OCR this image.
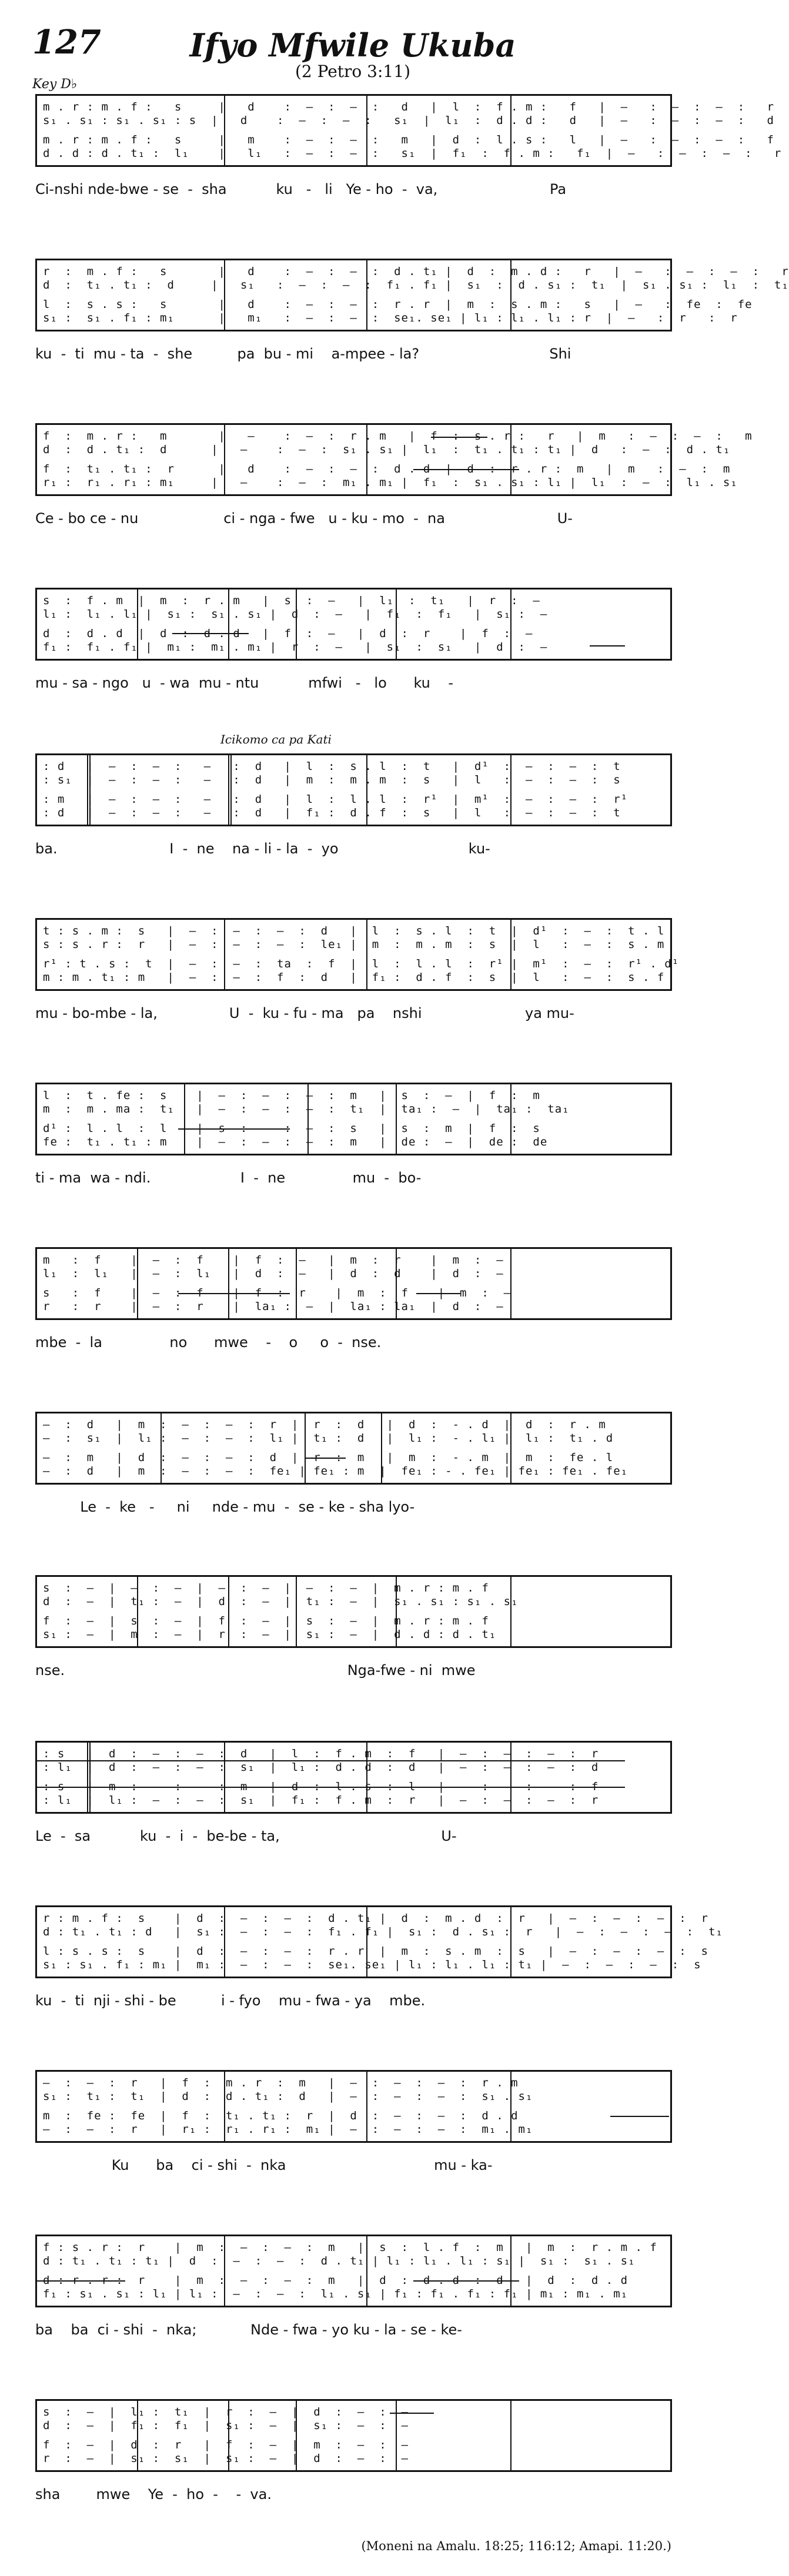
127	Ifyo Mfwile Ukuba
(2 Petro 3:11)
Key D♭
m . r : m . f :   s     |   d    :  —  :  —  :   d   |  l  :  f . m :   f   |  —   :  —  :  —  :   r
s₁ . s₁ : s₁ . s₁ : s  |   d    :  —  :  —  :   s₁  |  l₁  :  d . d :   d   |  —   :  —  :  —  :   d
m . r : m . f :   s     |   m    :  —  :  —  :   m   |  d  :  l . s :   l   |  —   :  —  :  —  :   f
d . d : d . t₁ :  l₁    |   l₁   :  —  :  —  :   s₁  |  f₁  :  f . m :   f₁  |  —   :  —  :  —  :   r
Ci-nshi nde-bwe - se  -  sha           ku   -   li   Ye - ho  -  va,                         Pa
r  :  m . f :   s       |   d    :  —  :  —  :  d . t₁ |  d  :  m . d :   r   |  —   :  —  :  —  :   r
d  :  t₁ . t₁ :  d     |   s₁   :  —  :  —  :  f₁ . f₁ |  s₁  :  d . s₁ :  t₁  |  s₁ . s₁ :  l₁  :  t₁
l  :  s . s :   s       |   d    :  —  :  —  :  r . r  |  m  :  s . m :   s   |  —   :  fe  :  fe
s₁ :  s₁ . f₁ : m₁      |   m₁   :  —  :  —  :  se₁. se₁ | l₁ : l₁ . l₁ : r  |  —   :  r   :  r
ku  -  ti  mu - ta  -  she          pa  bu - mi    a-mpee - la?                             Shi
f  :  m . r :   m       |   —    :  —  :  r . m   |  f  :  s . r :   r   |  m   :  —  :  —  :   m
d  :  d . t₁ :  d      |   —    :  —  :  s₁ . s₁ |  l₁  :  t₁ . t₁ : t₁ |  d   :  —  :  d . t₁
f  :  t₁ . t₁ :  r      |   d    :  —  :  —  :  d . d  |  d  :  r . r :  m   |  m   :  —  :  m
r₁ :  r₁ . r₁ : m₁     |   —    :  —  :  m₁ . m₁ |  f₁  :  s₁ . s₁ : l₁ |  l₁  :  —  :  l₁ . s₁
Ce - bo ce - nu                   ci - nga - fwe   u - ku - mo  -  na                         U-
s  :  f . m  |  m  :  r . m   |  s  :  —   |  l₁  :  t₁   |  r  :  —
l₁ :  l₁ . l₁ |  s₁ :  s₁ . s₁ |  d  :  —   |  f₁  :  f₁   |  s₁ :  —
d  :  d . d  |  d  :  d . d   |  f  :  —   |  d  :  r    |  f  :  —
f₁ :  f₁ . f₁ |  m₁ :  m₁ . m₁ |  r  :  —   |  s₁  :  s₁   |  d  :  —
mu - sa - ngo   u  - wa  mu - ntu           mfwi   -   lo      ku    -
Icikomo ca pa Kati
: d   |  —  :  —  :   —   :  d   |  l  :  s . l  :  t   |  d¹  :  —  :  —  :  t
: s₁  |  —  :  —  :   —   :  d   |  m  :  m . m  :  s   |  l   :  —  :  —  :  s
: m   |  —  :  —  :   —   :  d   |  l  :  l . l  :  r¹  |  m¹  :  —  :  —  :  r¹
: d   |  —  :  —  :   —   :  d   |  f₁ :  d . f  :  s   |  l   :  —  :  —  :  t
ba.                         I  -  ne    na - li - la  -  yo                             ku-
t : s . m :  s   |  —  :  —  :  —  :  d   |  l  :  s . l  :  t  |  d¹  :  —  :  t . l
s : s . r :  r   |  —  :  —  :  —  :  le₁ |  m  :  m . m  :  s  |  l   :  —  :  s . m
r¹ : t . s :  t  |  —  :  —  :  ta  :  f  |  l  :  l . l  :  r¹ |  m¹  :  —  :  r¹ . d¹
m : m . t₁ : m   |  —  :  —  :  f  :  d   |  f₁ :  d . f  :  s  |  l   :  —  :  s . f
mu - bo-mbe - la,                U  -  ku - fu - ma   pa    nshi                       ya mu-
l  :  t . fe :  s    |  —  :  —  :  —  :  m   |  s  :  —  |  f  :  m
m  :  m . ma :  t₁   |  —  :  —  :  —  :  t₁  |  ta₁ :  —  |  ta₁ :  ta₁
d¹ :  l . l  :  l    |  s  :  —  :  —  :  s   |  s  :  m  |  f  :  s
fe :  t₁ . t₁ : m    |  —  :  —  :  —  :  m   |  de :  —  |  de :  de
ti - ma  wa - ndi.                    I  -  ne               mu  -  bo-
m   :  f    |  —  :  f    |  f  :  —   |  m  :  r    |  m  :  —
l₁  :  l₁   |  —  :  l₁   |  d  :  —   |  d  :  d    |  d  :  —
s   :  f    |  —  :  f    |  f  :  r    |  m  :  f    |  m  :  —
r   :  r    |  —  :  r    |  la₁ :  —  |  la₁ : la₁  |  d  :  —
mbe  -  la               no      mwe    -    o     o  -  nse.
—  :  d   |  m  :  —  :  —  :  r  |  r  :  d   |  d  :  - . d  |  d  :  r . m
—  :  s₁  |  l₁ :  —  :  —  :  l₁ |  t₁ :  d   |  l₁ :  - . l₁ |  l₁ :  t₁ . d
—  :  m   |  d  :  —  :  —  :  d  |  r  :  m   |  m  :  - . m  |  m  :  fe . l
—  :  d   |  m  :  —  :  —  :  fe₁ | fe₁ : m  |  fe₁ : - . fe₁ | fe₁ : fe₁ . fe₁
Le  -  ke   -     ni     nde - mu  -  se - ke - sha lyo-
s  :  —  |  —  :  —  |  —  :  —  |  —  :  —  |  m . r : m . f
d  :  —  |  t₁ :  —  |  d  :  —  |  t₁ :  —  |  s₁ . s₁ : s₁ . s₁
f  :  —  |  s  :  —  |  f  :  —  |  s  :  —  |  m . r : m . f
s₁ :  —  |  m  :  —  |  r  :  —  |  s₁ :  —  |  d . d : d . t₁
nse.                                                               Nga-fwe - ni  mwe
: s   |  d  :  —  :  —  :  d   |  l  :  f . m  :  f   |  —  :  —  :  —  :  r
: l₁  |  d  :  —  :  —  :  s₁  |  l₁ :  d . d  :  d   |  —  :  —  :  —  :  d
: s   |  m  :  —  :  —  :  m   |  d  :  l . s  :  l   |  —  :  —  :  —  :  f
: l₁  |  l₁ :  —  :  —  :  s₁  |  f₁ :  f . m  :  r   |  —  :  —  :  —  :  r
Le  -  sa           ku  -  i  -  be-be - ta,                                    U-
r : m . f :  s    |  d  :  —  :  —  :  d . t₁ |  d  :  m . d  :  r   |  —  :  —  :  —  :  r
d : t₁ . t₁ : d   |  s₁ :  —  :  —  :  f₁ . f₁ |  s₁ :  d . s₁ :  r   |  —  :  —  :  —  :  t₁
l : s . s :  s    |  d  :  —  :  —  :  r . r  |  m  :  s . m  :  s   |  —  :  —  :  —  :  s
s₁ : s₁ . f₁ : m₁ |  m₁ :  —  :  —  :  se₁. se₁ | l₁ : l₁ . l₁ : t₁ |  —  :  —  :  —  :  s
ku  -  ti  nji - shi - be          i - fyo    mu - fwa - ya    mbe.
—  :  —  :  r   |  f  :  m . r  :  m   |  —  :  —  :  —  :  r . m
s₁ :  t₁ :  t₁  |  d  :  d . t₁ :  d   |  —  :  —  :  —  :  s₁ . s₁
m  :  fe :  fe  |  f  :  t₁ . t₁ :  r  |  d  :  —  :  —  :  d . d
—  :  —  :  r   |  r₁ :  r₁ . r₁ :  m₁ |  —  :  —  :  —  :  m₁ . m₁
Ku      ba    ci - shi  -  nka                                 mu - ka-
f : s . r :  r    |  m  :  —  :  —  :  m   |  s  :  l . f  :  m   |  m  :  r . m . f
d : t₁ . t₁ : t₁ |  d  :  —  :  —  :  d . t₁ | l₁ : l₁ . l₁ : s₁ |  s₁ :  s₁ . s₁
d : r . r :  r    |  m  :  —  :  —  :  m   |  d  :  d . d  :  d   |  d  :  d . d
f₁ : s₁ . s₁ : l₁ | l₁ :  —  :  —  :  l₁ . s₁ | f₁ : f₁ . f₁ : f₁ | m₁ : m₁ . m₁
ba    ba  ci - shi  -  nka;            Nde - fwa - yo ku - la - se - ke-
s  :  —  |  l₁ :  t₁  |  r  :  —  |  d  :  —  :  —
d  :  —  |  f₁ :  f₁  |  s₁ :  —  |  s₁ :  —  :  —
f  :  —  |  d  :  r   |  f  :  —  |  m  :  —  :  —
r  :  —  |  s₁ :  s₁  |  s₁ :  —  |  d  :  —  :  —
sha        mwe    Ye  -  ho  -    -  va.
(Moneni na Amalu. 18:25; 116:12; Amapi. 11:20.)
